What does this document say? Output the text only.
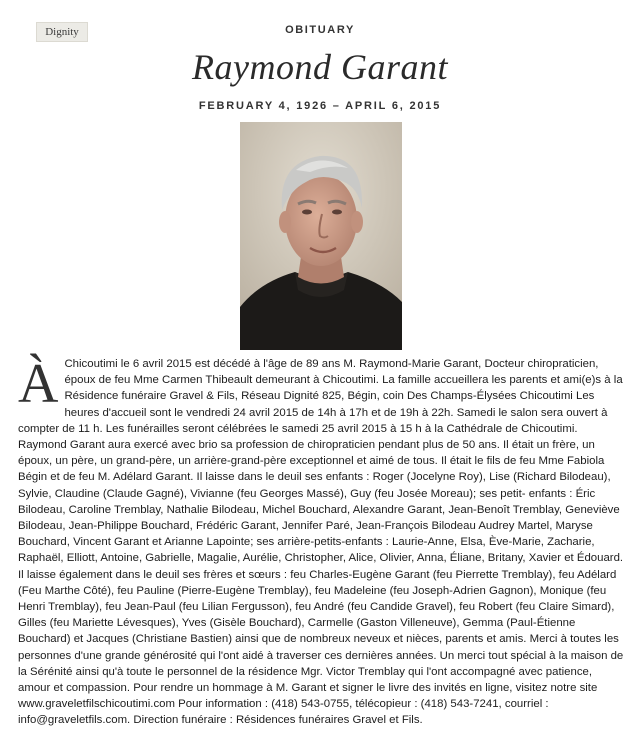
Dignity	OBITUARY
Raymond Garant
FEBRUARY 4, 1926 – APRIL 6, 2015
À Chicoutimi le 6 avril 2015 est décédé à l'âge de 89 ans M. Raymond-Marie Garant, Docteur chiropraticien, époux de feu Mme Carmen Thibeault demeurant à Chicoutimi. La famille accueillera les parents et ami(e)s à la Résidence funéraire Gravel & Fils, Réseau Dignité 825, Bégin, coin Des Champs-Élysées Chicoutimi Les heures d'accueil sont le vendredi 24 avril 2015 de 14h à 17h et de 19h à 22h. Samedi le salon sera ouvert à compter de 11 h. Les funérailles seront célébrées le samedi 25 avril 2015 à 15 h à la Cathédrale de Chicoutimi. Raymond Garant aura exercé avec brio sa profession de chiropraticien pendant plus de 50 ans. Il était un frère, un époux, un père, un grand-père, un arrière-grand-père exceptionnel et aimé de tous. Il était le fils de feu Mme Fabiola Bégin et de feu M. Adélard Garant. Il laisse dans le deuil ses enfants : Roger (Jocelyne Roy), Lise (Richard Bilodeau), Sylvie, Claudine (Claude Gagné), Vivianne (feu Georges Massé), Guy (feu Josée Moreau); ses petit- enfants : Éric Bilodeau, Caroline Tremblay, Nathalie Bilodeau, Michel Bouchard, Alexandre Garant, Jean-Benoît Tremblay, Geneviève Bilodeau, Jean-Philippe Bouchard, Frédéric Garant, Jennifer Paré, Jean-François Bilodeau Audrey Martel, Maryse Bouchard, Vincent Garant et Arianne Lapointe; ses arrière-petits-enfants : Laurie-Anne, Elsa, Ève-Marie, Zacharie, Raphaël, Elliott, Antoine, Gabrielle, Magalie, Aurélie, Christopher, Alice, Olivier, Anna, Éliane, Britany, Xavier et Édouard. Il laisse également dans le deuil ses frères et sœurs : feu Charles-Eugène Garant (feu Pierrette Tremblay), feu Adélard (Feu Marthe Côté), feu Pauline (Pierre-Eugène Tremblay), feu Madeleine (feu Joseph-Adrien Gagnon), Monique (feu Henri Tremblay), feu Jean-Paul (feu Lilian Fergusson), feu André (feu Candide Gravel), feu Robert (feu Claire Simard), Gilles (feu Mariette Lévesques), Yves (Gisèle Bouchard), Carmelle (Gaston Villeneuve), Gemma (Paul-Étienne Bouchard) et Jacques (Christiane Bastien) ainsi que de nombreux neveux et nièces, parents et amis. Merci à toutes les personnes d'une grande générosité qui l'ont aidé à traverser ces dernières années. Un merci tout spécial à la maison de la Sérénité ainsi qu'à toute le personnel de la résidence Mgr. Victor Tremblay qui l'ont accompagné avec patience, amour et compassion. Pour rendre un hommage à M. Garant et signer le livre des invités en ligne, visitez notre site www.graveletfilschicoutimi.com Pour information : (418) 543-0755, télécopieur : (418) 543-7241, courriel : info@graveletfils.com. Direction funéraire : Résidences funéraires Gravel et Fils.
